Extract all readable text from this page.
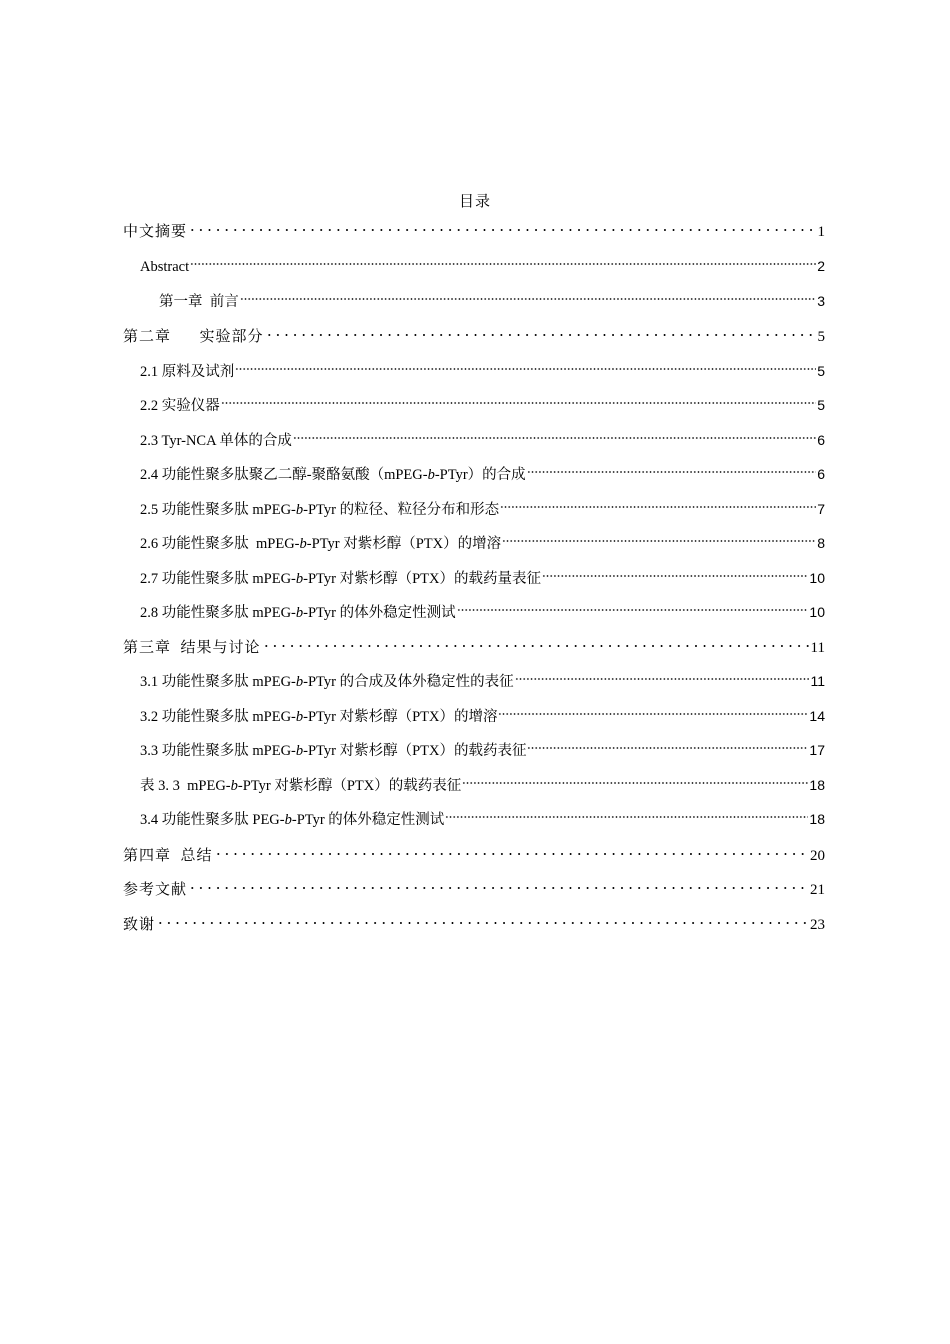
目录
中文摘要	1
Abstract	2
第一章  前言	3
第二章      实验部分	5
2.1 原料及试剂	5
2.2 实验仪器	5
2.3 Tyr-NCA 单体的合成	6
2.4 功能性聚多肽聚乙二醇-聚酪氨酸（mPEG-b-PTyr）的合成	6
2.5 功能性聚多肽 mPEG-b-PTyr 的粒径、粒径分布和形态	7
2.6 功能性聚多肽  mPEG-b-PTyr 对紫杉醇（PTX）的增溶	8
2.7 功能性聚多肽 mPEG-b-PTyr 对紫杉醇（PTX）的载药量表征	10
2.8 功能性聚多肽 mPEG-b-PTyr 的体外稳定性测试	10
第三章  结果与讨论	11
3.1 功能性聚多肽 mPEG-b-PTyr 的合成及体外稳定性的表征	11
3.2 功能性聚多肽 mPEG-b-PTyr 对紫杉醇（PTX）的增溶	14
3.3 功能性聚多肽 mPEG-b-PTyr 对紫杉醇（PTX）的载药表征	17
表 3. 3  mPEG-b-PTyr 对紫杉醇（PTX）的载药表征	18
3.4 功能性聚多肽 PEG-b-PTyr 的体外稳定性测试	18
第四章  总结	20
参考文献	21
致谢	23
